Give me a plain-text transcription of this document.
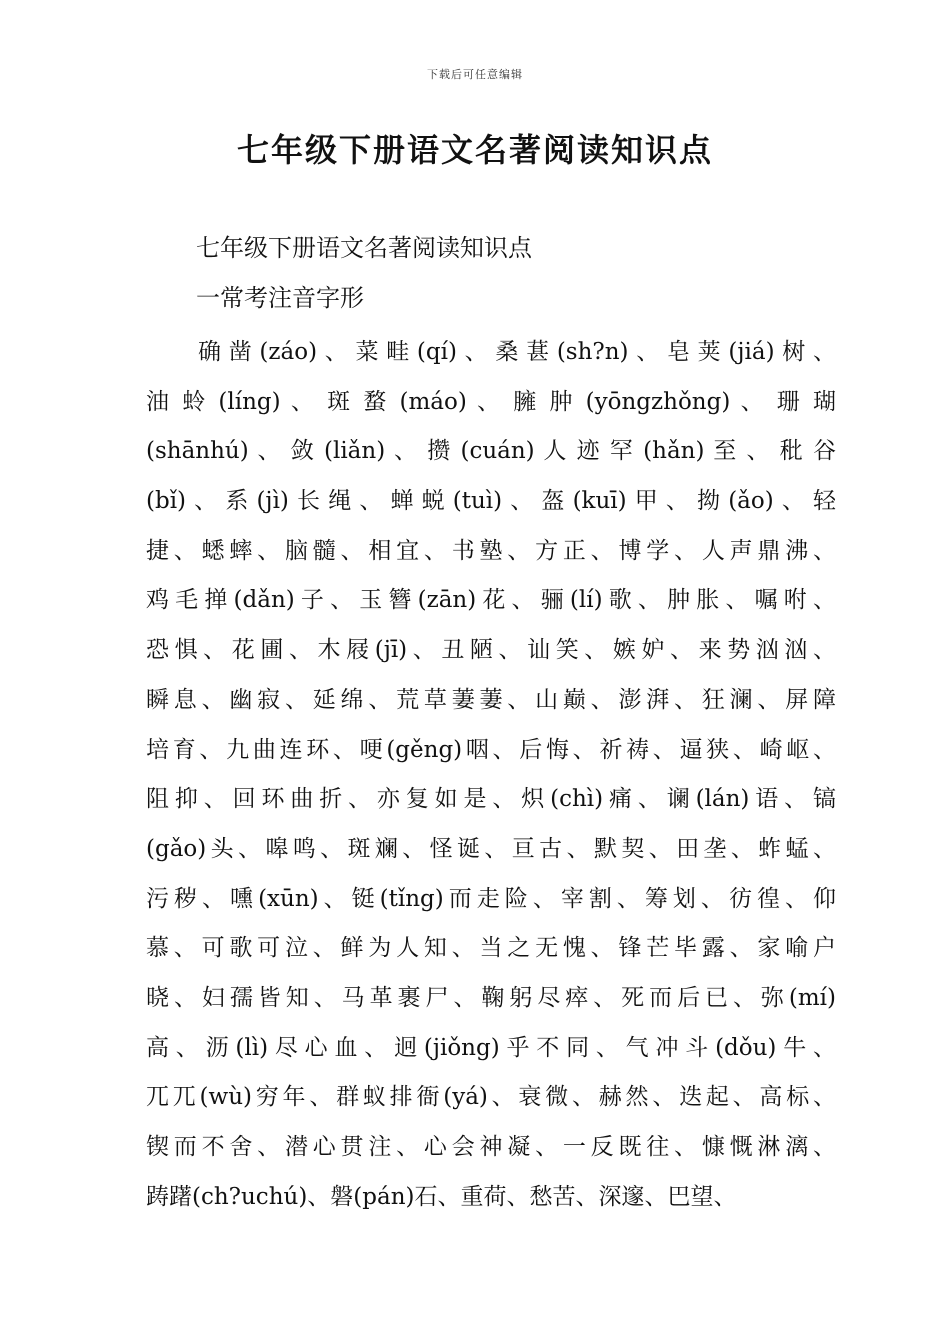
下载后可任意编辑
七年级下册语文名著阅读知识点

七年级下册语文名著阅读知识点

一常考注音字形

确凿(záo)、菜畦(qí)、桑葚(sh?n)、皂荚(jiá)树、
油 蛉 (líng) 、 斑 蝥 (máo) 、 臃 肿 (yōngzhǒng) 、 珊 瑚
(shānhú) 、 敛 (liǎn) 、 攒 (cuán) 人 迹 罕 (hǎn) 至 、 秕 谷
(bǐ)、系(jì)长绳、蝉蜕(tuì)、盔(kuī)甲、拗(ǎo)、轻
捷、蟋蟀、脑髓、相宜、书塾、方正、博学、人声鼎沸、
鸡毛掸(dǎn)子、玉簪(zān)花、骊(lí)歌、肿胀、嘱咐、
恐惧、花圃、木屐(jī)、丑陋、讪笑、嫉妒、来势汹汹、
瞬息、幽寂、延绵、荒草萋萋、山巅、澎湃、狂澜、屏障
培育、九曲连环、哽(gěng)咽、后悔、祈祷、逼狭、崎岖、
阻抑、回环曲折、亦复如是、炽(chì)痛、谰(lán)语、镐
(gǎo)头、嗥鸣、斑斓、怪诞、亘古、默契、田垄、蚱蜢、
污秽、嚑(xūn)、铤(tǐng)而走险、宰割、筹划、彷徨、仰
慕、可歌可泣、鲜为人知、当之无愧、锋芒毕露、家喻户
晓、妇孺皆知、马革裹尸、鞠躬尽瘁、死而后已、弥(mí)
高、沥(lì)尽心血、迥(jiǒng)乎不同、气冲斗(dǒu)牛、
兀兀(wù)穷年、群蚁排衙(yá)、衰微、赫然、迭起、高标、
锲而不舍、潜心贯注、心会神凝、一反既往、慷慨淋漓、
踌躇(ch?uchú)、磐(pán)石、重荷、愁苦、深邃、巴望、
